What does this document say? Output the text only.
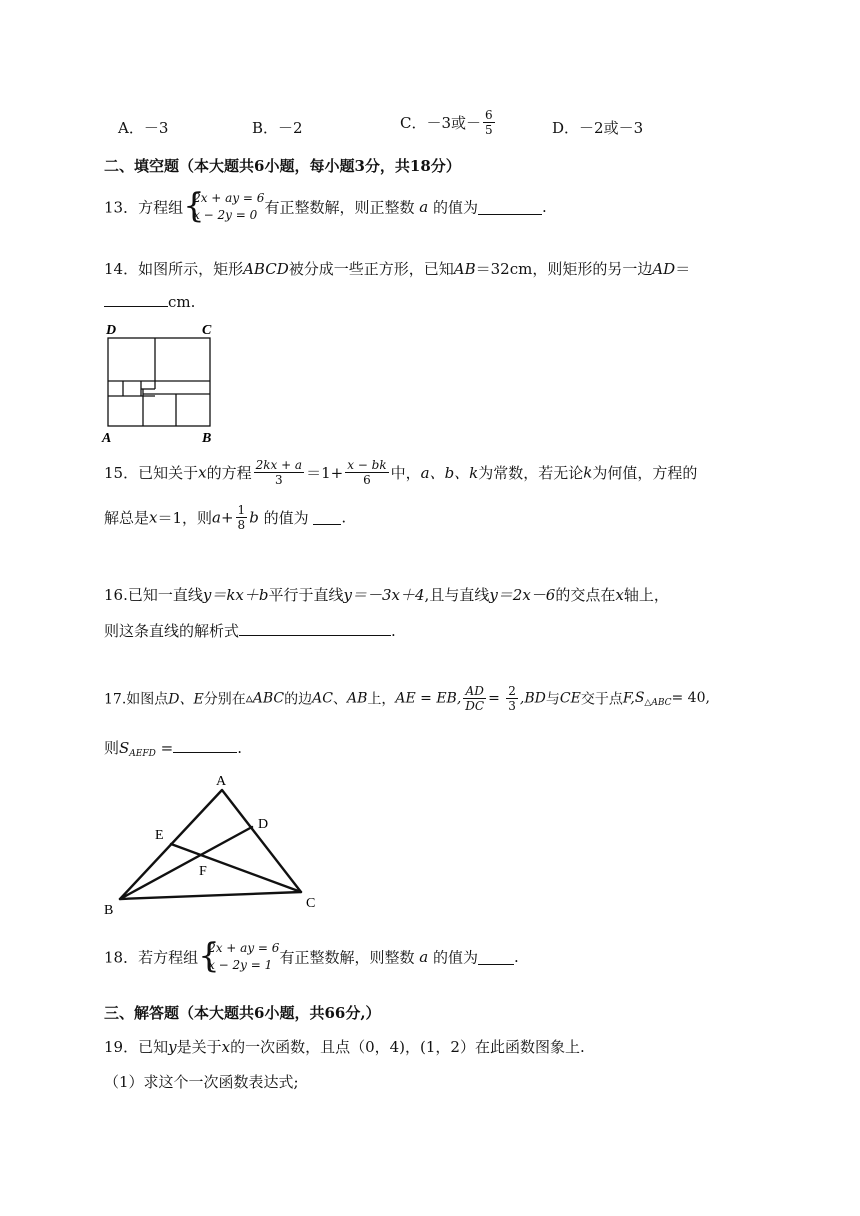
A．－3	B．－2	C．－3或－ $\frac{6}{5}$	D．－2或－3
二、填空题（本大题共6小题，每小题3分，共18分）
13．方程组 {
2x + ay = 6
x − 2y = 0 有正整数解，则正整数 a 的值为	.
14．如图所示，矩形ABCD被分成一些正方形，已知AB＝32cm，则矩形的另一边AD＝
cm.
D	C
A	B
15．已知关于x的方程 $\frac{2kx + a}{3} =1+ \frac{x - bk}{6}$ 中，a、b、k为常数，若无论k为何值，方程的
解总是x＝1，则$a+ \frac{1}{8}$ b 的值为 .
16.已知一直线y＝kx＋b平行于直线y＝－3x＋4,且与直线y＝2x－6的交点在x轴上，
则这条直线的解析式	.
17.如图点D、E分别在▵ABC的边AC、AB上，AE = EB, $\frac{AD}{DC} = \frac{2}{3} ,BD$与CE交于点$F,S_{\triangle ABC}= 40$,
则$S_{AEFD}$ =	.
A
B	C
D
E
F
18．若方程组 {
2x + ay = 6
x − 2y = 1 有正整数解，则整数 a 的值为 .
三、解答题（本大题共6小题，共66分,）
19．已知y是关于x的一次函数，且点（0，4)，(1，2）在此函数图象上.
（1）求这个一次函数表达式;
